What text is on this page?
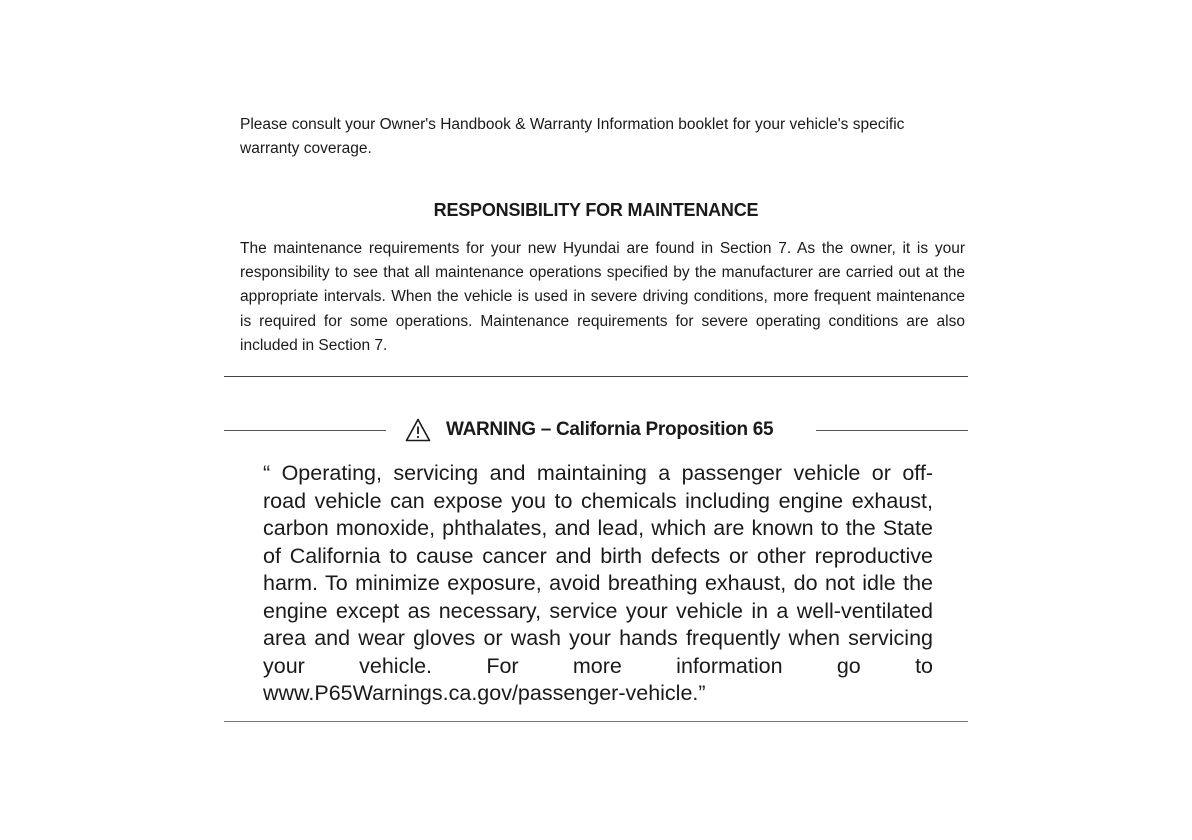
Please consult your Owner's Handbook & Warranty Information booklet for your vehicle's specific warranty coverage.

RESPONSIBILITY FOR MAINTENANCE

The maintenance requirements for your new Hyundai are found in Section 7. As the owner, it is your responsibility to see that all maintenance operations specified by the manufacturer are carried out at the appropriate intervals. When the vehicle is used in severe driving conditions, more frequent maintenance is required for some operations. Maintenance requirements for severe operating conditions are also included in Section 7.

WARNING – California Proposition 65

“ Operating, servicing and maintaining a passenger vehicle or off- road vehicle can expose you to chemicals including engine exhaust, carbon monoxide, phthalates, and lead, which are known to the State of California to cause cancer and birth defects or other reproductive harm. To minimize exposure, avoid breathing exhaust, do not idle the engine except as necessary, service your vehicle in a well-ventilated area and wear gloves or wash your hands frequently when servicing your vehicle. For more information go to www.P65Warnings.ca.gov/passenger-vehicle.”
